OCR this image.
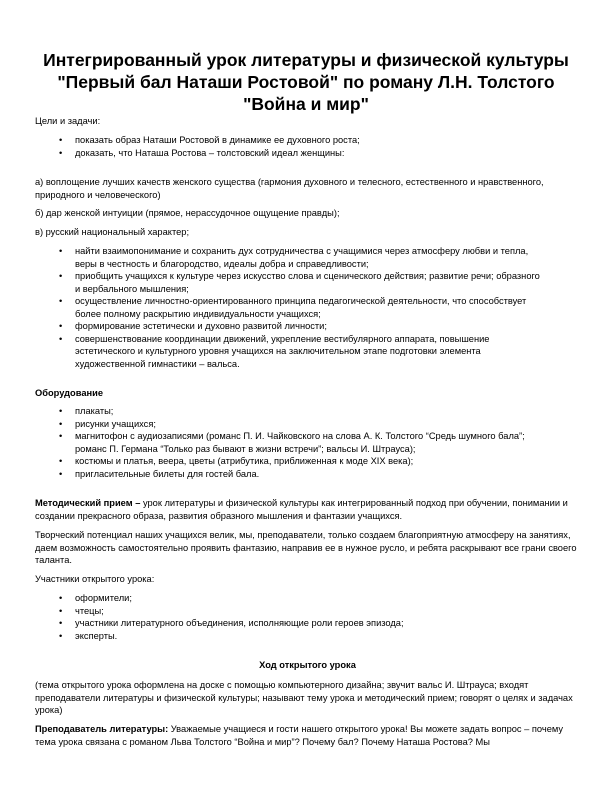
Интегрированный урок литературы и физической культуры "Первый бал Наташи Ростовой" по роману Л.Н. Толстого "Война и мир"
Цели и задачи:
• показать образ Наташи Ростовой в динамике ее духовного роста;
• доказать, что Наташа Ростова – толстовский идеал женщины:
а) воплощение лучших качеств женского существа (гармония духовного и телесного, естественного и нравственного, природного и человеческого)
б) дар женской интуиции (прямое, нерассудочное ощущение правды);
в) русский национальный характер;
• найти взаимопонимание и сохранить дух сотрудничества с учащимися через атмосферу любви и тепла, веры в честность и благородство, идеалы добра и справедливости;
• приобщить учащихся к культуре через искусство слова и сценического действия; развитие речи; образного и вербального мышления;
• осуществление личностно-ориентированного принципа педагогической деятельности, что способствует более полному раскрытию индивидуальности учащихся;
• формирование эстетически и духовно развитой личности;
• совершенствование координации движений, укрепление вестибулярного аппарата, повышение эстетического и культурного уровня учащихся на заключительном этапе подготовки элемента художественной гимнастики – вальса.
Оборудование
• плакаты;
• рисунки учащихся;
• магнитофон с аудиозаписями (романс П. И. Чайковского на слова А. К. Толстого “Средь шумного бала”; романс П. Германа “Только раз бывают в жизни встречи”; вальсы И. Штрауса);
• костюмы и платья, веера, цветы (атрибутика, приближенная к моде XIX века);
• пригласительные билеты для гостей бала.
Методический прием – урок литературы и физической культуры как интегрированный подход при обучении, понимании и создании прекрасного образа, развития образного мышления и фантазии учащихся.
Творческий потенциал наших учащихся велик, мы, преподаватели, только создаем благоприятную атмосферу на занятиях, даем возможность самостоятельно проявить фантазию, направив ее в нужное русло, и ребята раскрывают все грани своего таланта.
Участники открытого урока:
• оформители;
• чтецы;
• участники литературного объединения, исполняющие роли героев эпизода;
• эксперты.
Ход открытого урока
(тема открытого урока оформлена на доске с помощью компьютерного дизайна; звучит вальс И. Штрауса; входят преподаватели литературы и физической культуры; называют тему урока и методический прием; говорят о целях и задачах урока)
Преподаватель литературы: Уважаемые учащиеся и гости нашего открытого урока! Вы можете задать вопрос – почему тема урока связана с романом Льва Толстого “Война и мир”? Почему бал? Почему Наташа Ростова? Мы
